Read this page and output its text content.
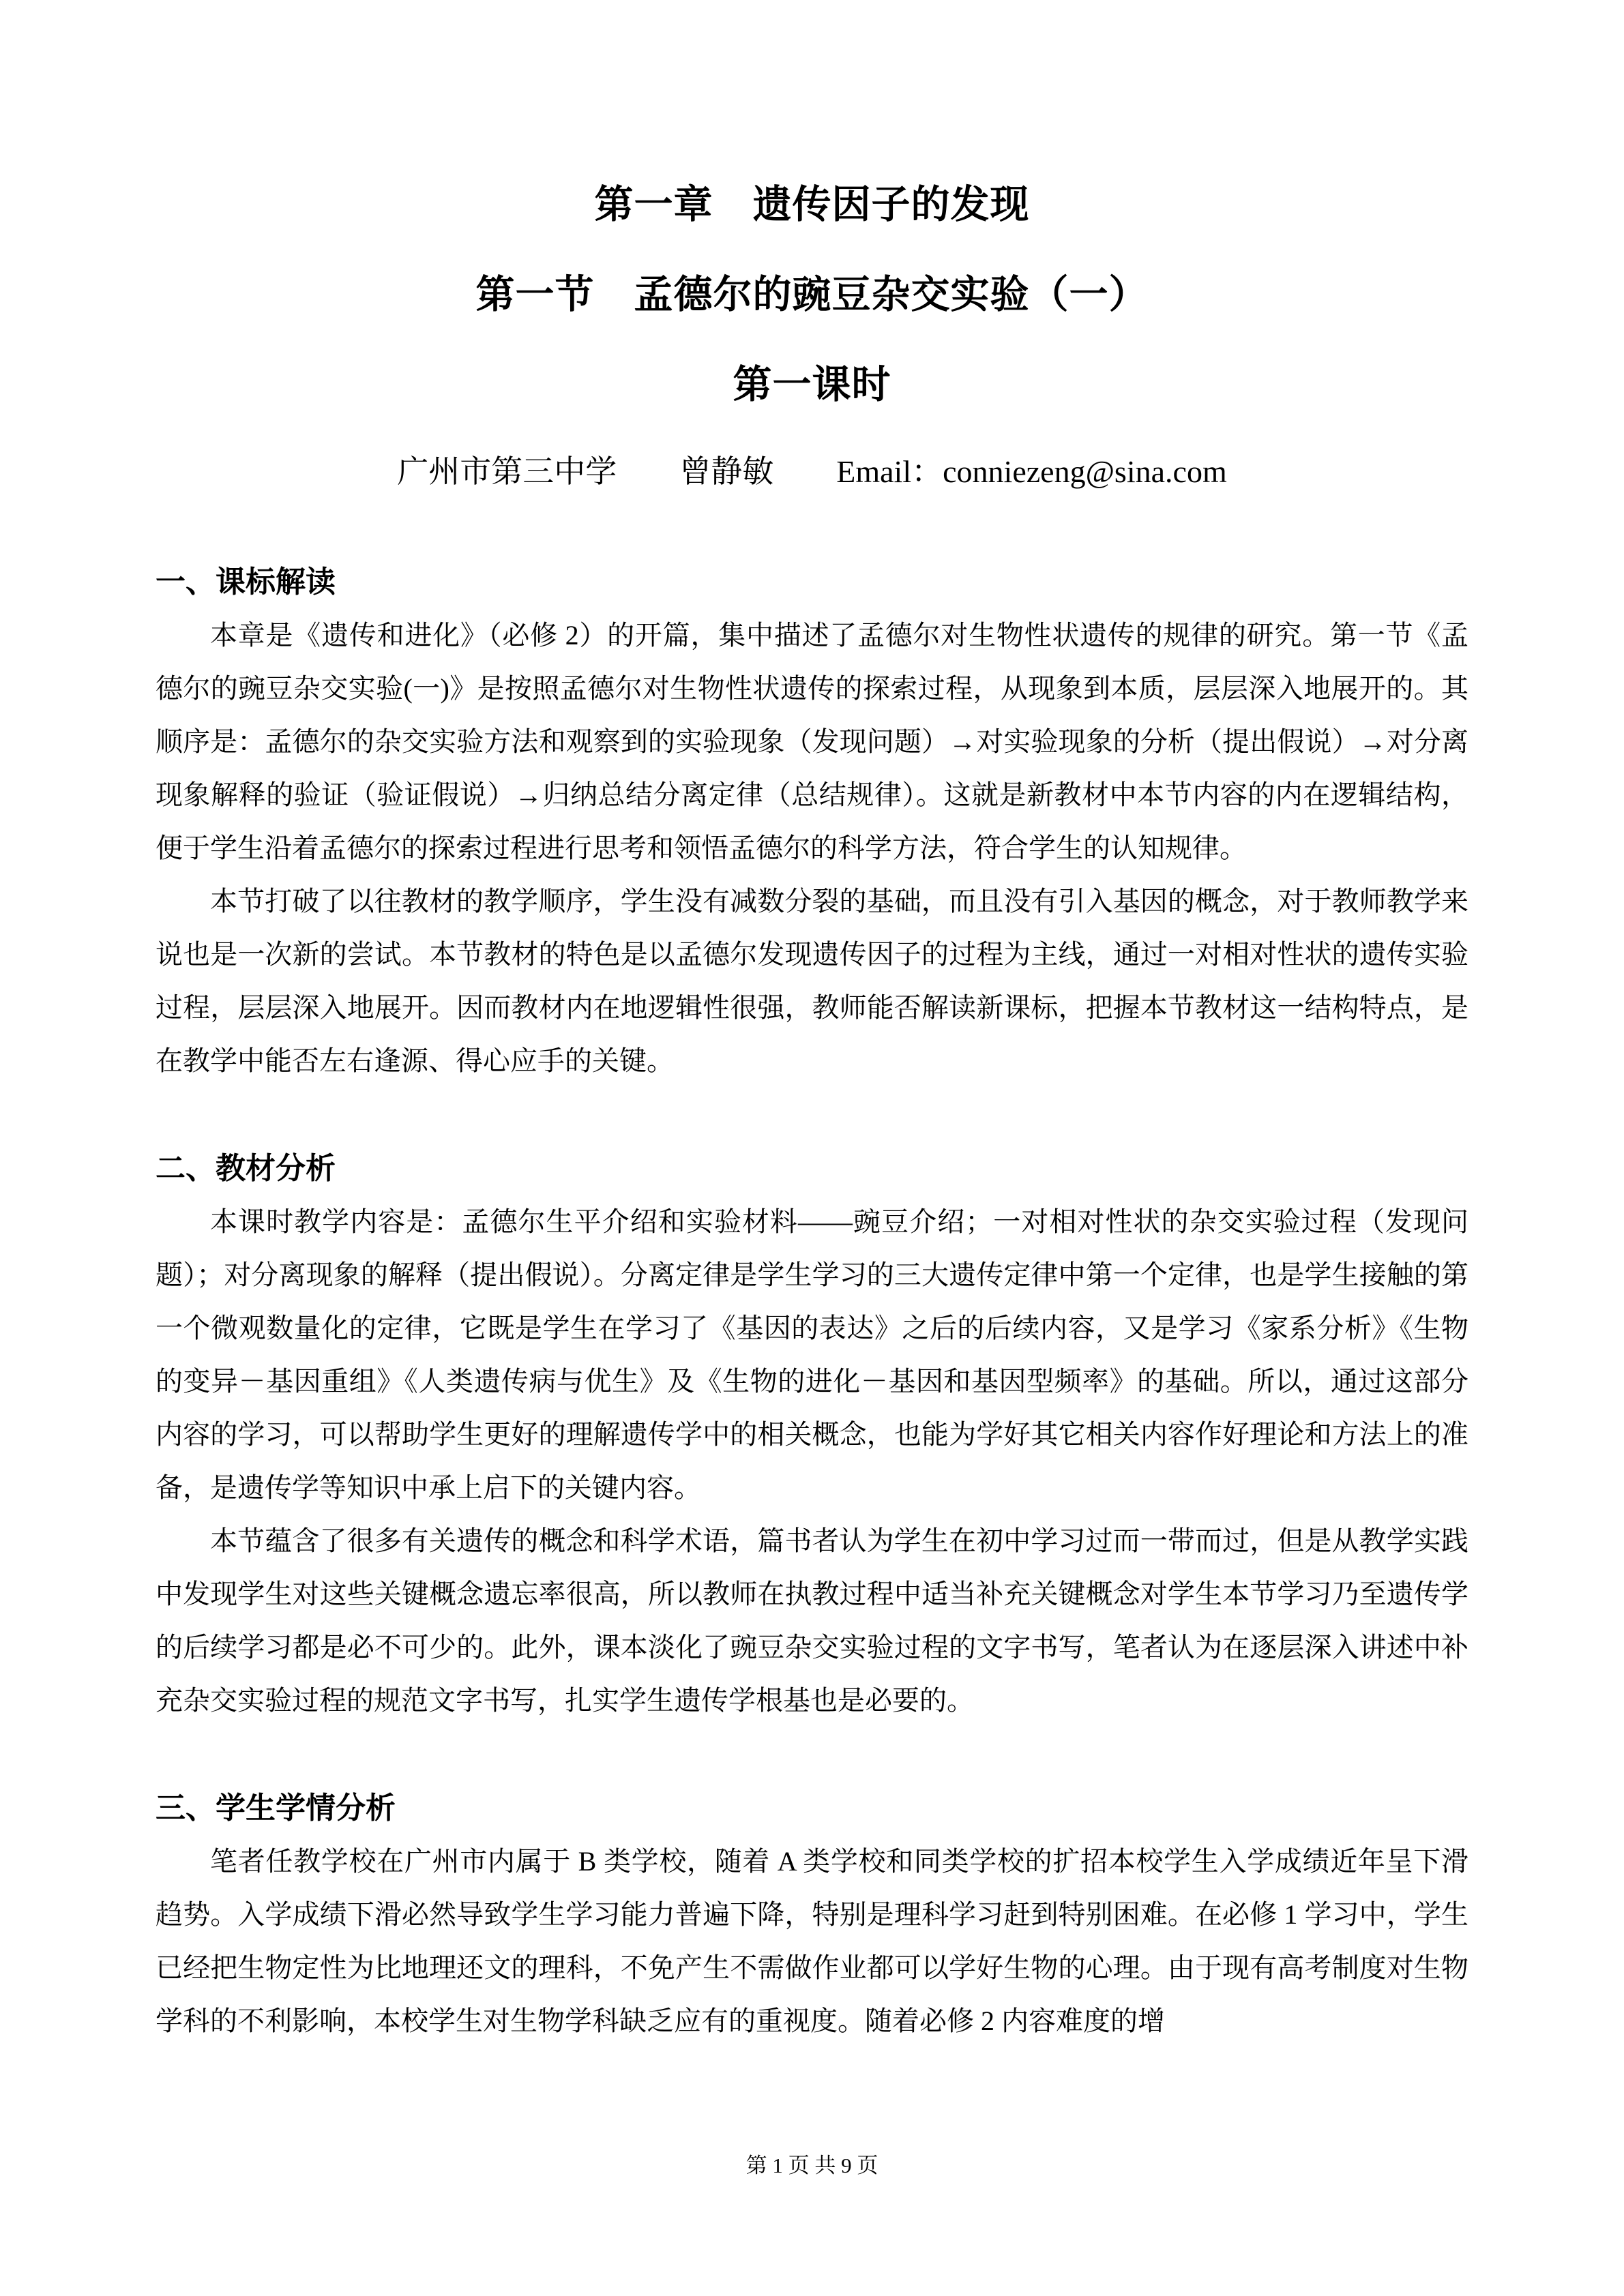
第一章　遗传因子的发现
第一节　孟德尔的豌豆杂交实验（一）
第一课时

广州市第三中学 曾静敏 Email：conniezeng@sina.com

一、课标解读

本章是《遗传和进化》（必修 2）的开篇，集中描述了孟德尔对生物性状遗传的规律的研究。第一节《孟德尔的豌豆杂交实验(一)》是按照孟德尔对生物性状遗传的探索过程，从现象到本质，层层深入地展开的。其顺序是：孟德尔的杂交实验方法和观察到的实验现象（发现问题）→对实验现象的分析（提出假说）→对分离现象解释的验证（验证假说）→归纳总结分离定律（总结规律）。这就是新教材中本节内容的内在逻辑结构，便于学生沿着孟德尔的探索过程进行思考和领悟孟德尔的科学方法，符合学生的认知规律。

本节打破了以往教材的教学顺序，学生没有减数分裂的基础，而且没有引入基因的概念，对于教师教学来说也是一次新的尝试。本节教材的特色是以孟德尔发现遗传因子的过程为主线，通过一对相对性状的遗传实验过程，层层深入地展开。因而教材内在地逻辑性很强，教师能否解读新课标，把握本节教材这一结构特点，是在教学中能否左右逢源、得心应手的关键。

二、教材分析

本课时教学内容是：孟德尔生平介绍和实验材料——豌豆介绍；一对相对性状的杂交实验过程（发现问题）；对分离现象的解释（提出假说）。分离定律是学生学习的三大遗传定律中第一个定律，也是学生接触的第一个微观数量化的定律，它既是学生在学习了《基因的表达》之后的后续内容，又是学习《家系分析》《生物的变异－基因重组》《人类遗传病与优生》及《生物的进化－基因和基因型频率》的基础。所以，通过这部分内容的学习，可以帮助学生更好的理解遗传学中的相关概念，也能为学好其它相关内容作好理论和方法上的准备，是遗传学等知识中承上启下的关键内容。

本节蕴含了很多有关遗传的概念和科学术语，篇书者认为学生在初中学习过而一带而过，但是从教学实践中发现学生对这些关键概念遗忘率很高，所以教师在执教过程中适当补充关键概念对学生本节学习乃至遗传学的后续学习都是必不可少的。此外，课本淡化了豌豆杂交实验过程的文字书写，笔者认为在逐层深入讲述中补充杂交实验过程的规范文字书写，扎实学生遗传学根基也是必要的。

三、学生学情分析

笔者任教学校在广州市内属于 B 类学校，随着 A 类学校和同类学校的扩招本校学生入学成绩近年呈下滑趋势。入学成绩下滑必然导致学生学习能力普遍下降，特别是理科学习赶到特别困难。在必修 1 学习中，学生已经把生物定性为比地理还文的理科，不免产生不需做作业都可以学好生物的心理。由于现有高考制度对生物学科的不利影响，本校学生对生物学科缺乏应有的重视度。随着必修 2 内容难度的增

第 1 页 共 9 页
